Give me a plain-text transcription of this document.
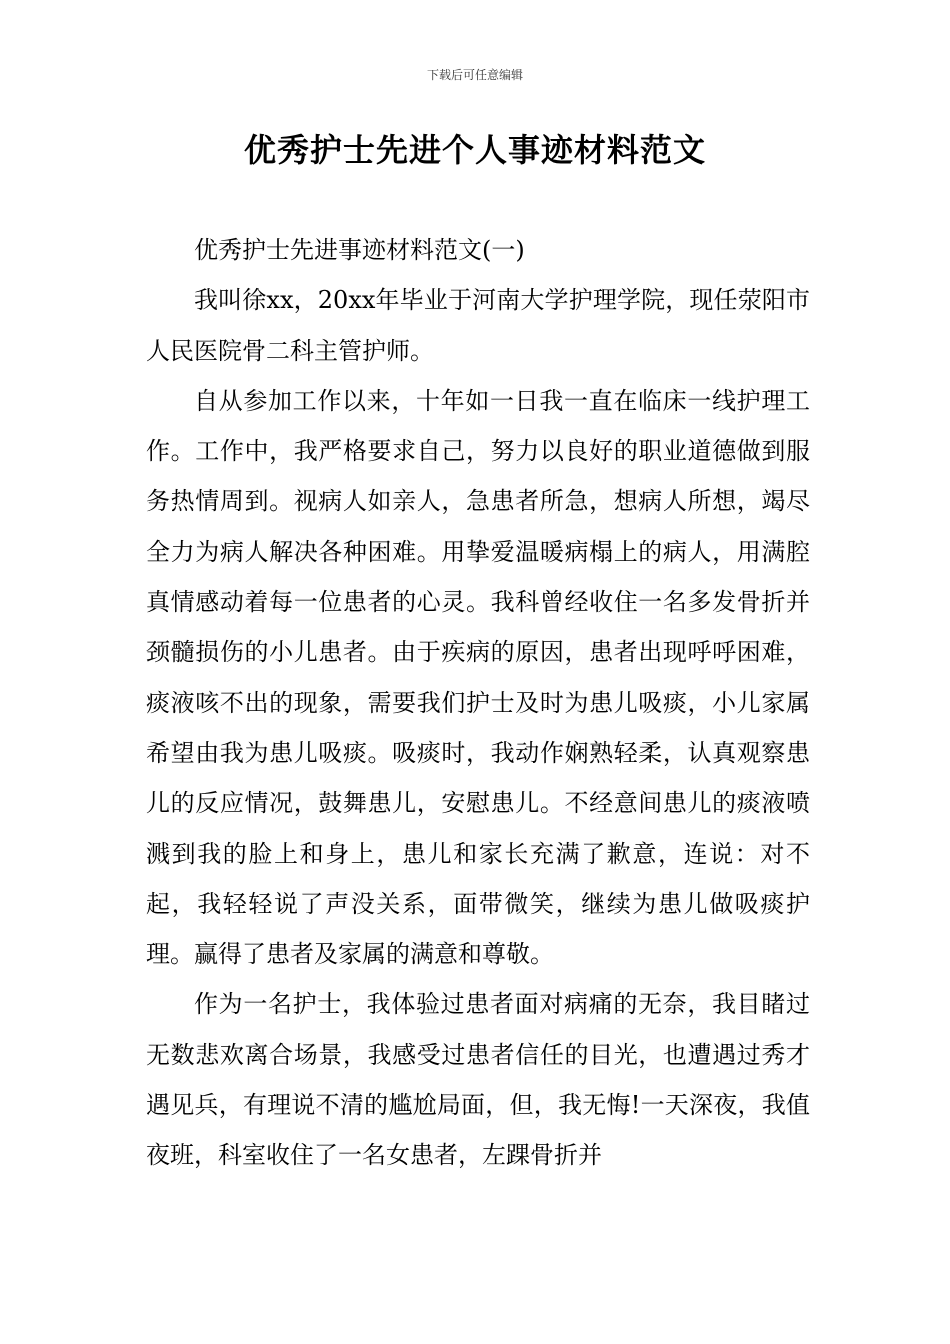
下载后可任意编辑
优秀护士先进个人事迹材料范文

优秀护士先进事迹材料范文(一)

我叫徐xx，20xx年毕业于河南大学护理学院，现任荥阳市人民医院骨二科主管护师。

自从参加工作以来，十年如一日我一直在临床一线护理工作。工作中，我严格要求自己，努力以良好的职业道德做到服务热情周到。视病人如亲人，急患者所急，想病人所想，竭尽全力为病人解决各种困难。用挚爱温暖病榻上的病人，用满腔真情感动着每一位患者的心灵。我科曾经收住一名多发骨折并颈髓损伤的小儿患者。由于疾病的原因，患者出现呼呼困难，痰液咳不出的现象，需要我们护士及时为患儿吸痰，小儿家属希望由我为患儿吸痰。吸痰时，我动作娴熟轻柔，认真观察患儿的反应情况，鼓舞患儿，安慰患儿。不经意间患儿的痰液喷溅到我的脸上和身上，患儿和家长充满了歉意，连说：对不起，我轻轻说了声没关系，面带微笑，继续为患儿做吸痰护理。赢得了患者及家属的满意和尊敬。

作为一名护士，我体验过患者面对病痛的无奈，我目睹过无数悲欢离合场景，我感受过患者信任的目光，也遭遇过秀才遇见兵，有理说不清的尴尬局面，但，我无悔!一天深夜，我值夜班，科室收住了一名女患者，左踝骨折并
